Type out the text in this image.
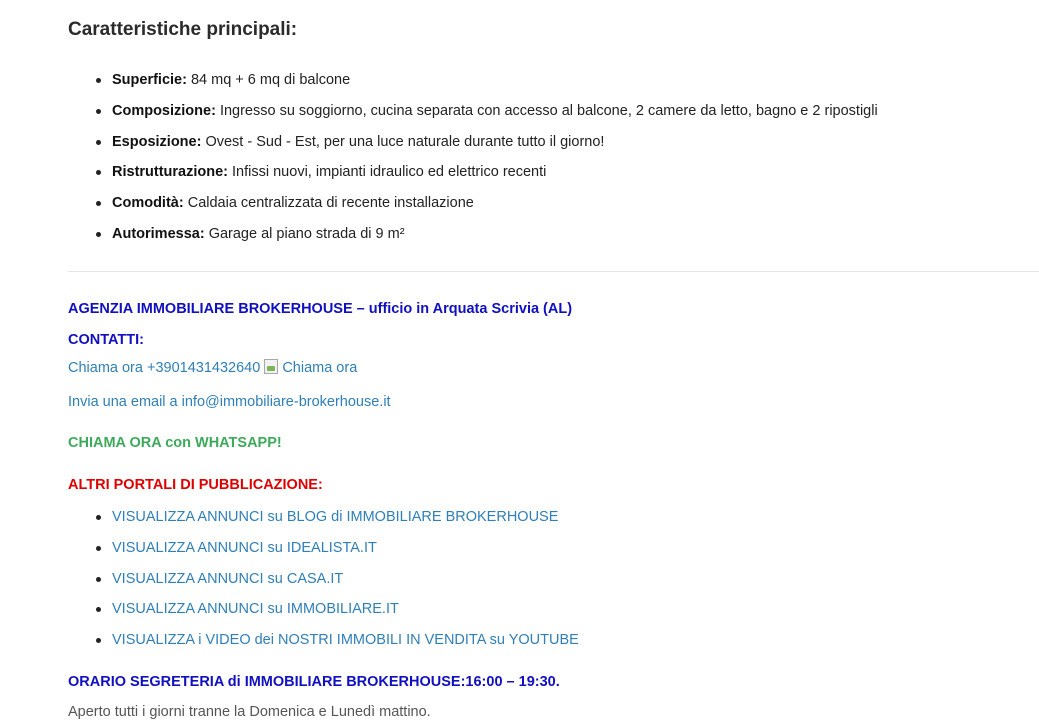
Caratteristiche principali:
Superficie: 84 mq + 6 mq di balcone
Composizione: Ingresso su soggiorno, cucina separata con accesso al balcone, 2 camere da letto, bagno e 2 ripostigli
Esposizione: Ovest - Sud - Est, per una luce naturale durante tutto il giorno!
Ristrutturazione: Infissi nuovi, impianti idraulico ed elettrico recenti
Comodità: Caldaia centralizzata di recente installazione
Autorimessa: Garage al piano strada di 9 m²
AGENZIA IMMOBILIARE BROKERHOUSE – ufficio in Arquata Scrivia (AL)
CONTATTI:
Chiama ora +3901431432640 Chiama ora
Invia una email a info@immobiliare-brokerhouse.it
CHIAMA ORA con WHATSAPP!
ALTRI PORTALI DI PUBBLICAZIONE:
VISUALIZZA ANNUNCI su BLOG di IMMOBILIARE BROKERHOUSE
VISUALIZZA ANNUNCI su IDEALISTA.IT
VISUALIZZA ANNUNCI su CASA.IT
VISUALIZZA ANNUNCI su IMMOBILIARE.IT
VISUALIZZA i VIDEO dei NOSTRI IMMOBILI IN VENDITA su YOUTUBE
ORARIO SEGRETERIA di IMMOBILIARE BROKERHOUSE:16:00 – 19:30.
Aperto tutti i giorni tranne la Domenica e Lunedì mattino.
